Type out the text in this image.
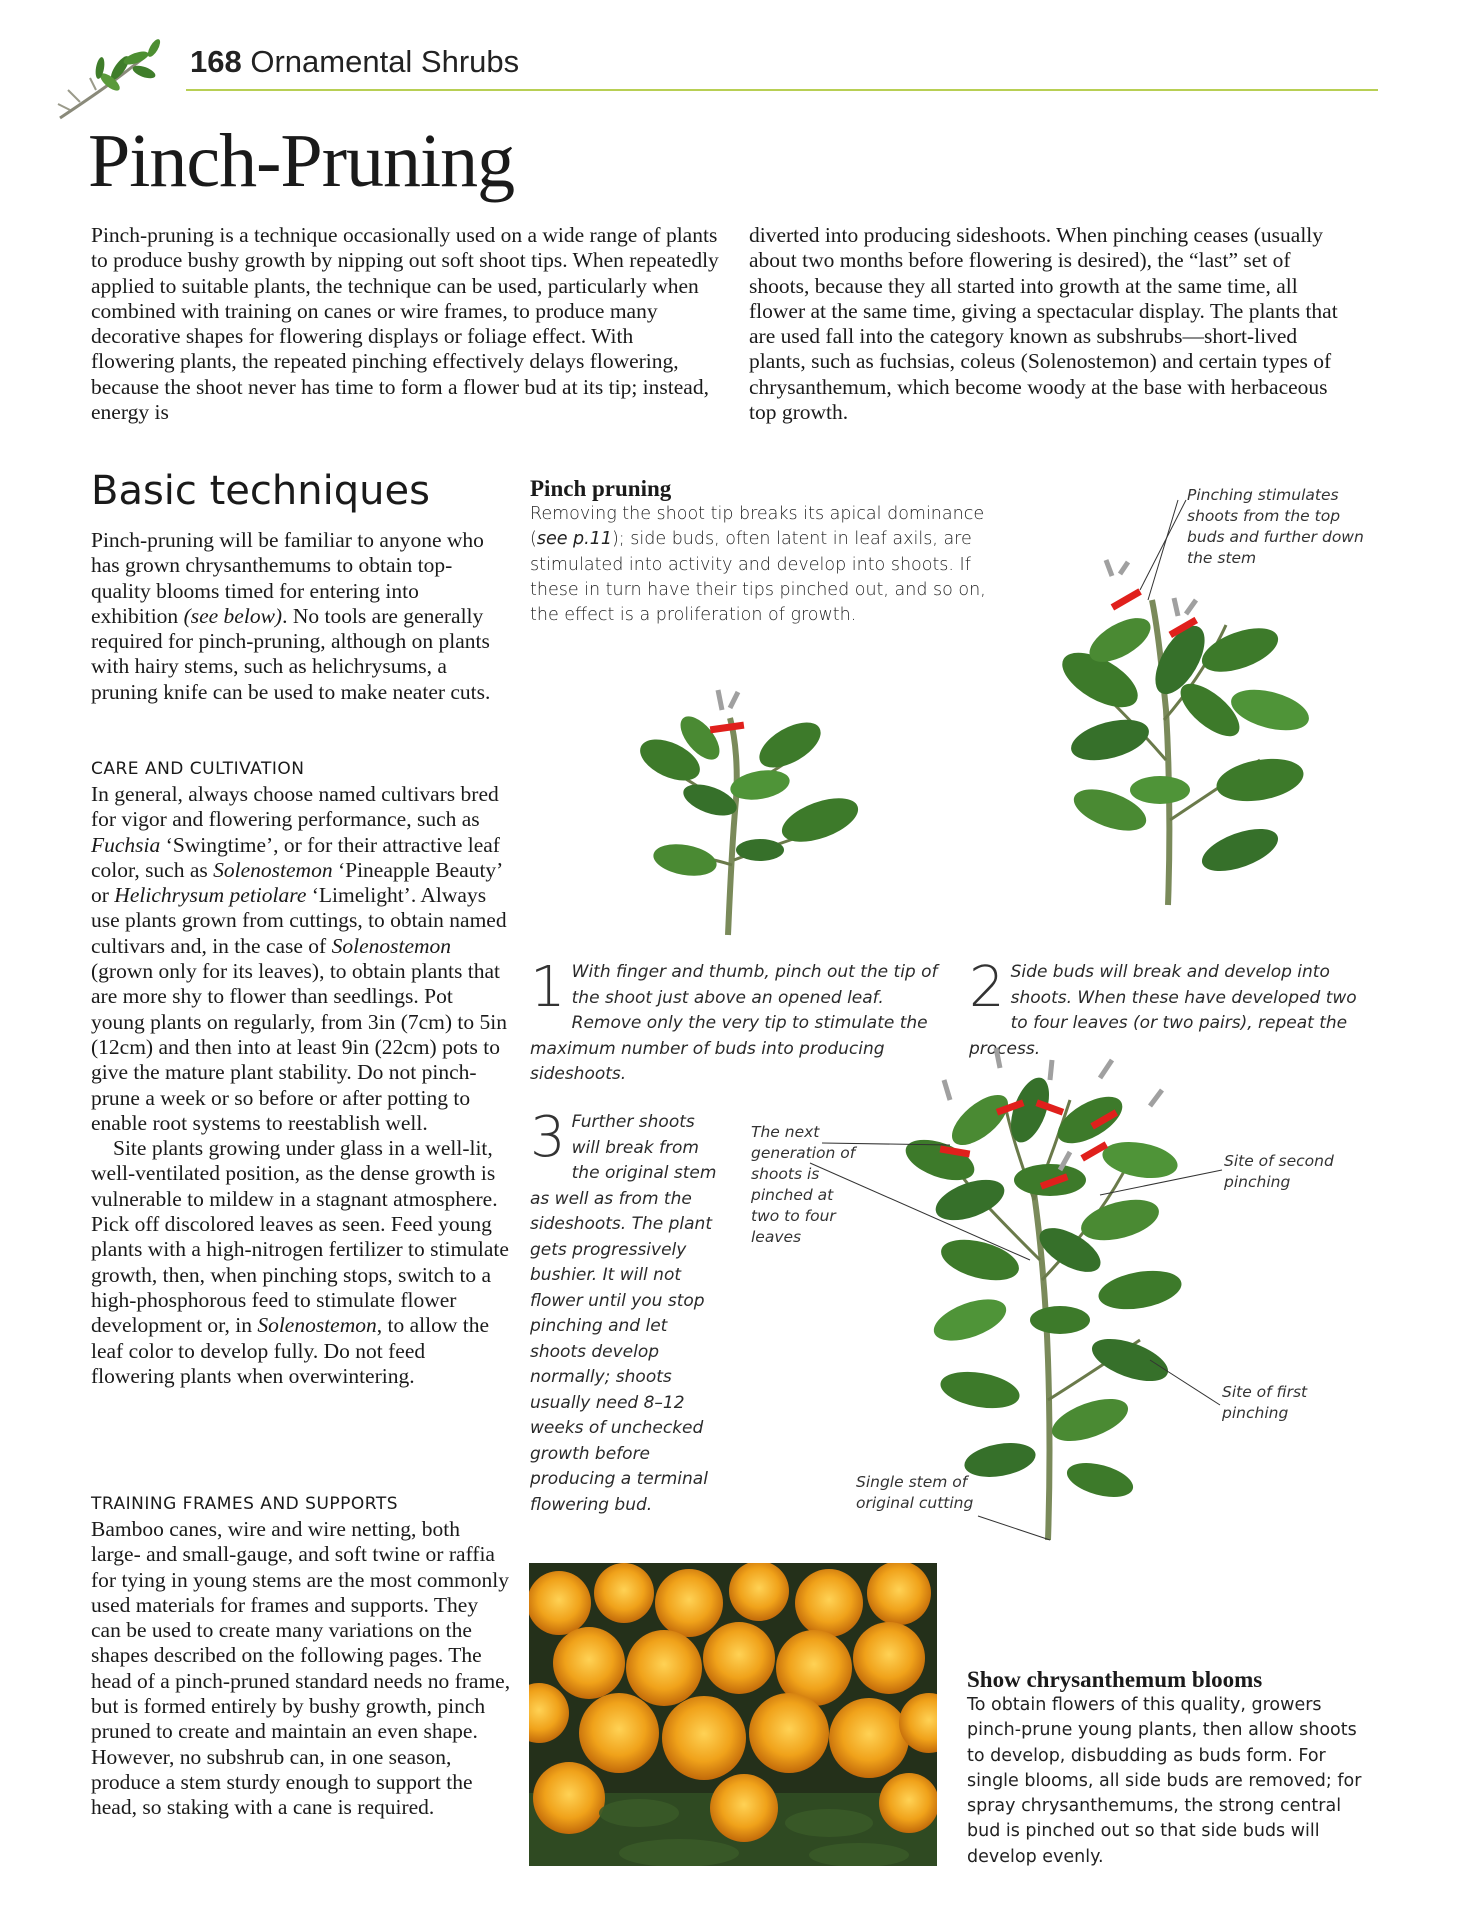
168 Ornamental Shrubs
Pinch-Pruning

Pinch-pruning is a technique occasionally used on a wide range of plants to produce bushy growth by nipping out soft shoot tips. When repeatedly applied to suitable plants, the technique can be used, particularly when combined with training on canes or wire frames, to produce many decorative shapes for flowering displays or foliage effect. With flowering plants, the repeated pinching effectively delays flowering, because the shoot never has time to form a flower bud at its tip; instead, energy is

diverted into producing sideshoots. When pinching ceases (usually about two months before flowering is desired), the “last” set of shoots, because they all started into growth at the same time, all flower at the same time, giving a spectacular display. The plants that are used fall into the category known as subshrubs—short-lived plants, such as fuchsias, coleus (Solenostemon) and certain types of chrysanthemum, which become woody at the base with herbaceous top growth.

Basic techniques

Pinch-pruning will be familiar to anyone who has grown chrysanthemums to obtain top-quality blooms timed for entering into exhibition (see below). No tools are generally required for pinch-pruning, although on plants with hairy stems, such as helichrysums, a pruning knife can be used to make neater cuts.

CARE AND CULTIVATION

In general, always choose named cultivars bred for vigor and flowering performance, such as Fuchsia ‘Swingtime’, or for their attractive leaf color, such as Solenostemon ‘Pineapple Beauty’ or Helichrysum petiolare ‘Limelight’. Always use plants grown from cuttings, to obtain named cultivars and, in the case of Solenostemon (grown only for its leaves), to obtain plants that are more shy to flower than seedlings. Pot young plants on regularly, from 3in (7cm) to 5in (12cm) and then into at least 9in (22cm) pots to give the mature plant stability. Do not pinch-prune a week or so before or after potting to enable root systems to reestablish well.

Site plants growing under glass in a well-lit, well-ventilated position, as the dense growth is vulnerable to mildew in a stagnant atmosphere. Pick off discolored leaves as seen. Feed young plants with a high-nitrogen fertilizer to stimulate growth, then, when pinching stops, switch to a high-phosphorous feed to stimulate flower development or, in Solenostemon, to allow the leaf color to develop fully. Do not feed flowering plants when overwintering.

TRAINING FRAMES AND SUPPORTS

Bamboo canes, wire and wire netting, both large- and small-gauge, and soft twine or raffia for tying in young stems are the most commonly used materials for frames and supports. They can be used to create many variations on the shapes described on the following pages. The head of a pinch-pruned standard needs no frame, but is formed entirely by bushy growth, pinch pruned to create and maintain an even shape. However, no subshrub can, in one season, produce a stem sturdy enough to support the head, so staking with a cane is required.

Pinch pruning

Removing the shoot tip breaks its apical dominance (see p.11); side buds, often latent in leaf axils, are stimulated into activity and develop into shoots. If these in turn have their tips pinched out, and so on, the effect is a proliferation of growth.

1 With finger and thumb, pinch out the tip of the shoot just above an opened leaf. Remove only the very tip to stimulate the maximum number of buds into producing sideshoots.
2 Side buds will break and develop into shoots. When these have developed two to four leaves (or two pairs), repeat the process.
3 Further shoots will break from the original stem as well as from the sideshoots. The plant gets progressively bushier. It will not flower until you stop pinching and let shoots develop normally; shoots usually need 8–12 weeks of unchecked growth before producing a terminal flowering bud.
Pinching stimulates shoots from the top buds and further down the stem
The next generation of shoots is pinched at two to four leaves
Site of second pinching
Site of first pinching
Single stem of original cutting
Show chrysanthemum blooms

To obtain flowers of this quality, growers pinch-prune young plants, then allow shoots to develop, disbudding as buds form. For single blooms, all side buds are removed; for spray chrysanthemums, the strong central bud is pinched out so that side buds will develop evenly.
